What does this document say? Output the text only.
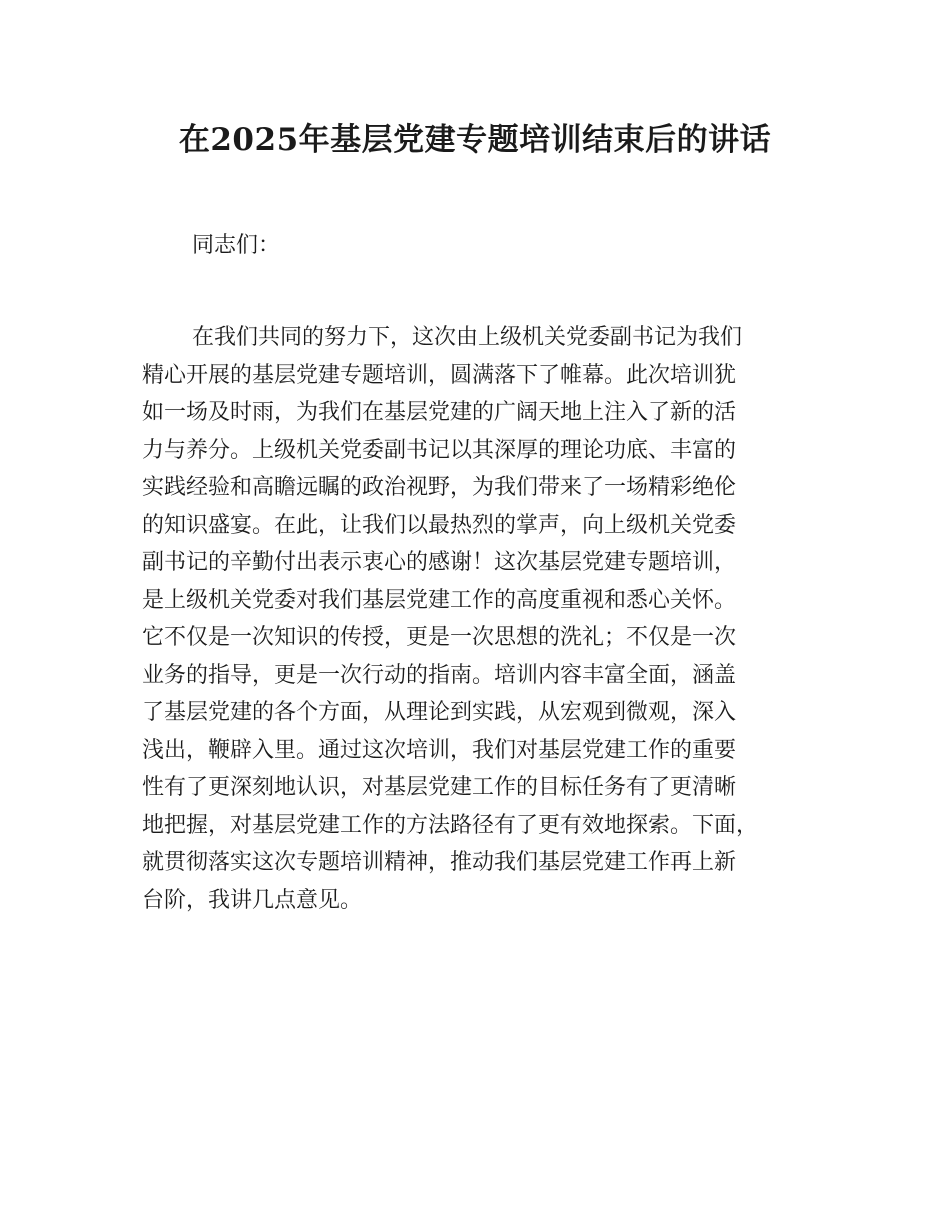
在2025年基层党建专题培训结束后的讲话

同志们：

在我们共同的努力下，这次由上级机关党委副书记为我们
精心开展的基层党建专题培训，圆满落下了帷幕。此次培训犹
如一场及时雨，为我们在基层党建的广阔天地上注入了新的活
力与养分。上级机关党委副书记以其深厚的理论功底、丰富的
实践经验和高瞻远瞩的政治视野，为我们带来了一场精彩绝伦
的知识盛宴。在此，让我们以最热烈的掌声，向上级机关党委
副书记的辛勤付出表示衷心的感谢！这次基层党建专题培训，
是上级机关党委对我们基层党建工作的高度重视和悉心关怀。
它不仅是一次知识的传授，更是一次思想的洗礼；不仅是一次
业务的指导，更是一次行动的指南。培训内容丰富全面，涵盖
了基层党建的各个方面，从理论到实践，从宏观到微观，深入
浅出，鞭辟入里。通过这次培训，我们对基层党建工作的重要
性有了更深刻地认识，对基层党建工作的目标任务有了更清晰
地把握，对基层党建工作的方法路径有了更有效地探索。下面，
就贯彻落实这次专题培训精神，推动我们基层党建工作再上新
台阶，我讲几点意见。
